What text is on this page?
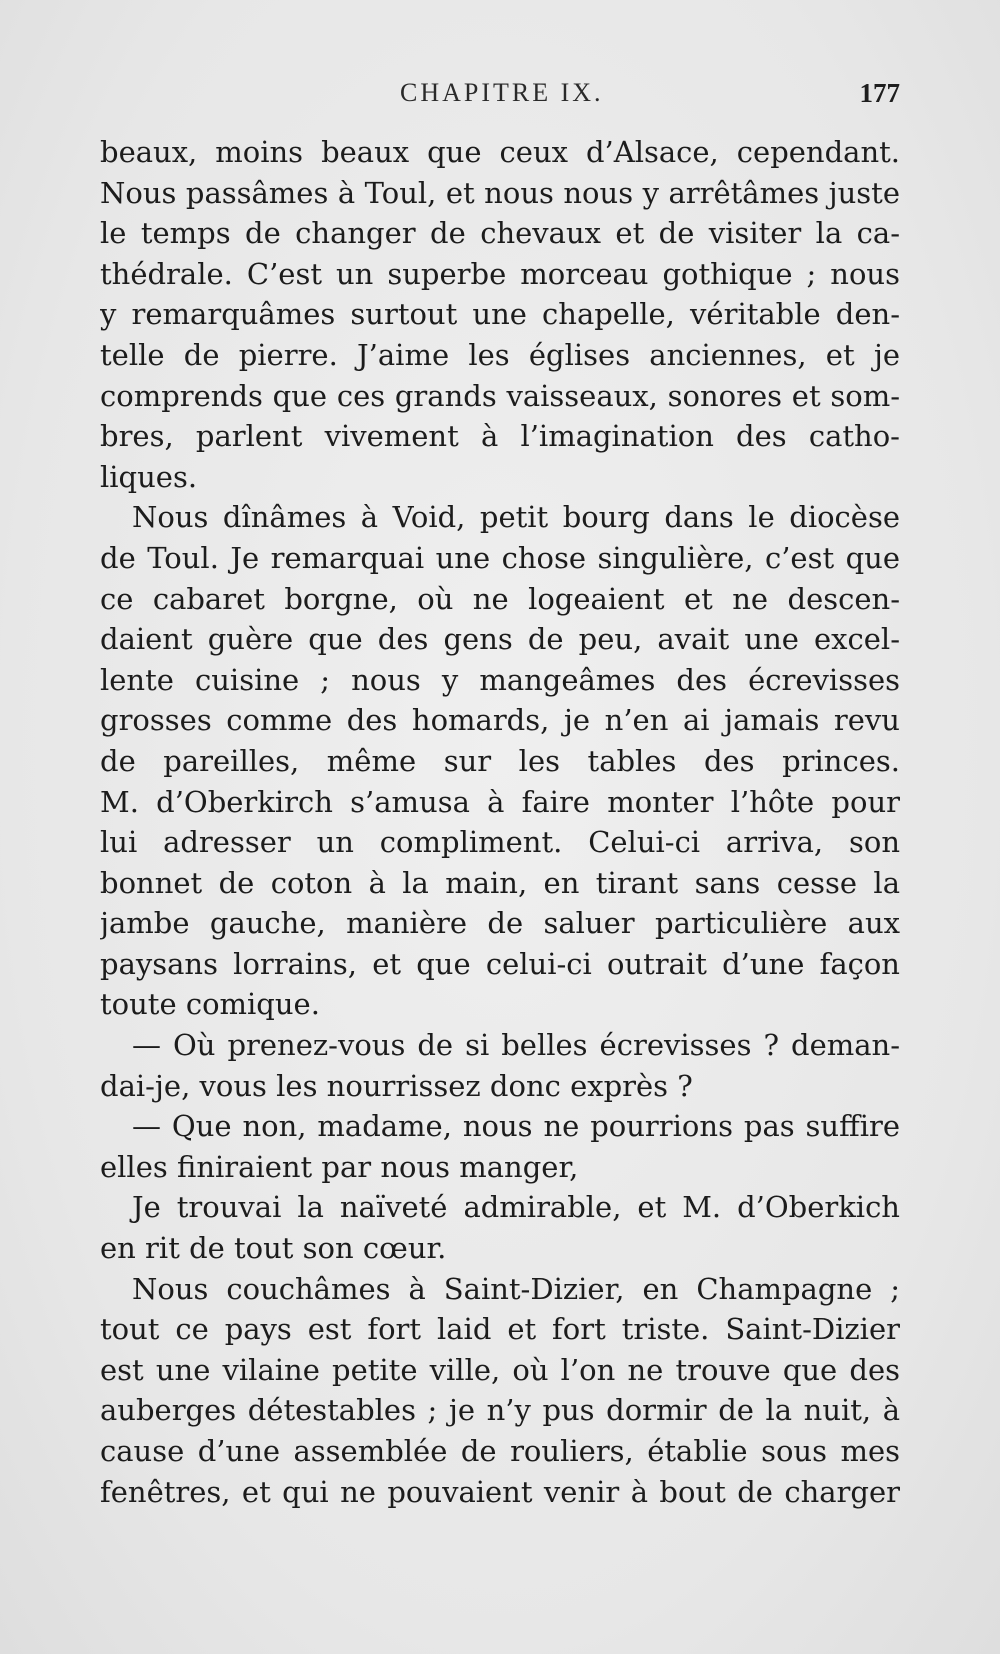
CHAPITRE IX.	177
beaux, moins beaux que ceux d’Alsace, cependant.
Nous passâmes à Toul, et nous nous y arrêtâmes juste
le temps de changer de chevaux et de visiter la ca-
thédrale. C’est un superbe morceau gothique ; nous
y remarquâmes surtout une chapelle, véritable den-
telle de pierre. J’aime les églises anciennes, et je
comprends que ces grands vaisseaux, sonores et som-
bres, parlent vivement à l’imagination des catho-
liques.
Nous dînâmes à Void, petit bourg dans le diocèse
de Toul. Je remarquai une chose singulière, c’est que
ce cabaret borgne, où ne logeaient et ne descen-
daient guère que des gens de peu, avait une excel-
lente cuisine ; nous y mangeâmes des écrevisses
grosses comme des homards, je n’en ai jamais revu
de pareilles, même sur les tables des princes.
M. d’Oberkirch s’amusa à faire monter l’hôte pour
lui adresser un compliment. Celui-ci arriva, son
bonnet de coton à la main, en tirant sans cesse la
jambe gauche, manière de saluer particulière aux
paysans lorrains, et que celui-ci outrait d’une façon
toute comique.
— Où prenez-vous de si belles écrevisses ? deman-
dai-je, vous les nourrissez donc exprès ?
— Que non, madame, nous ne pourrions pas suffire
elles finiraient par nous manger,
Je trouvai la naïveté admirable, et M. d’Oberkich
en rit de tout son cœur.
Nous couchâmes à Saint-Dizier, en Champagne ;
tout ce pays est fort laid et fort triste. Saint-Dizier
est une vilaine petite ville, où l’on ne trouve que des
auberges détestables ; je n’y pus dormir de la nuit, à
cause d’une assemblée de rouliers, établie sous mes
fenêtres, et qui ne pouvaient venir à bout de charger
